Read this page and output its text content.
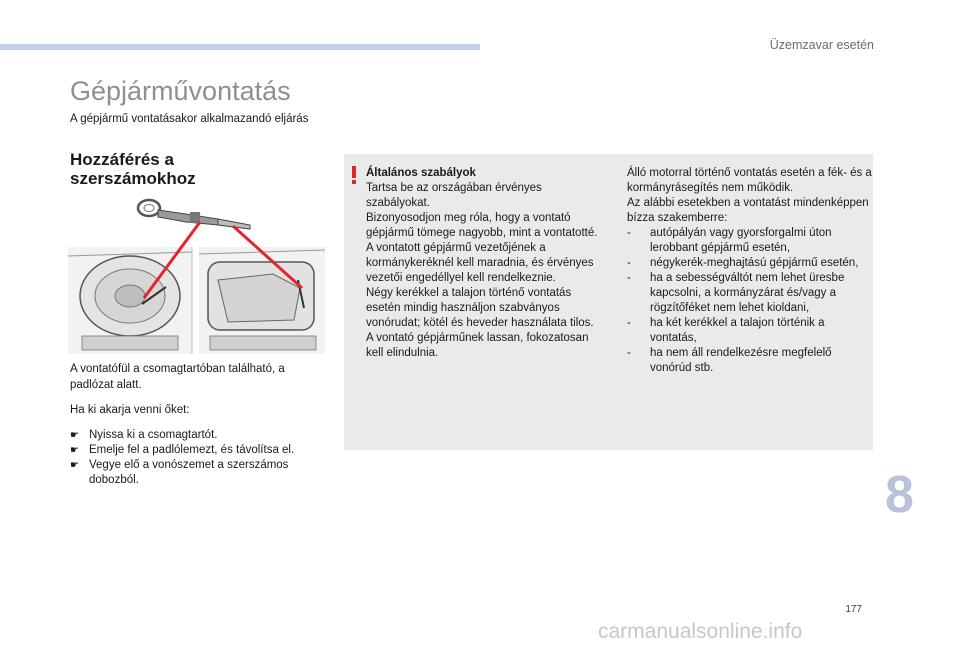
Üzemzavar esetén
Gépjárművontatás
A gépjármű vontatásakor alkalmazandó eljárás
Hozzáférés a szerszámokhoz

A vontatófül a csomagtartóban található, a padlózat alatt.

Ha ki akarja venni őket:

☛ Nyissa ki a csomagtartót.
☛ Emelje fel a padlólemezt, és távolítsa el.
☛ Vegye elő a vonószemet a szerszámos dobozból.
Általános szabályok
Tartsa be az országában érvényes szabályokat.
Bizonyosodjon meg róla, hogy a vontató gépjármű tömege nagyobb, mint a vontatotté.
A vontatott gépjármű vezetőjének a kormánykeréknél kell maradnia, és érvényes vezetői engedéllyel kell rendelkeznie.
Négy kerékkel a talajon történő vontatás esetén mindig használjon szabványos vonórudat; kötél és heveder használata tilos.
A vontató gépjárműnek lassan, fokozatosan kell elindulnia.
Álló motorral történő vontatás esetén a fék- és a kormányrásegítés nem működik.
Az alábbi esetekben a vontatást mindenképpen bízza szakemberre:
- autópályán vagy gyorsforgalmi úton lerobbant gépjármű esetén,
- négykerék-meghajtású gépjármű esetén,
- ha a sebességváltót nem lehet üresbe kapcsolni, a kormányzárat és/vagy a rögzítőféket nem lehet kioldani,
- ha két kerékkel a talajon történik a vontatás,
- ha nem áll rendelkezésre megfelelő vonórúd stb.
8
177
carmanualsonline.info
